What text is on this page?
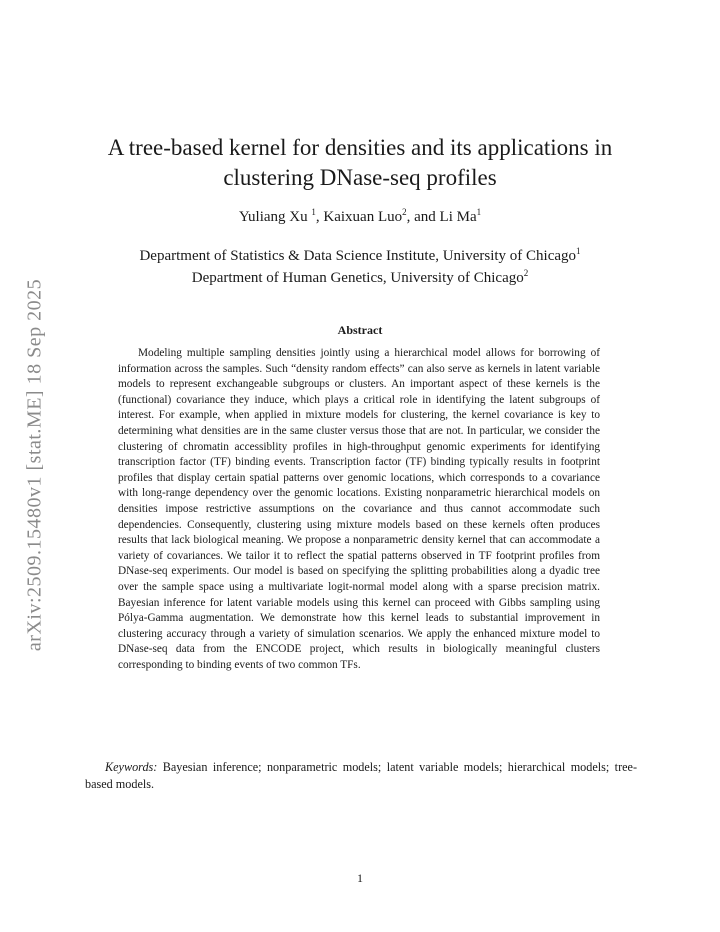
arXiv:2509.15480v1 [stat.ME] 18 Sep 2025
A tree-based kernel for densities and its applications in
clustering DNase-seq profiles
Yuliang Xu $^1$, Kaixuan Luo$^2$, and Li Ma$^1$
Department of Statistics & Data Science Institute, University of Chicago$^1$
Department of Human Genetics, University of Chicago$^2$
Abstract

Modeling multiple sampling densities jointly using a hierarchical model allows for borrowing of information across the samples. Such “density random effects” can also serve as kernels in latent variable models to represent exchangeable subgroups or clusters. An important aspect of these kernels is the (functional) covariance they induce, which plays a critical role in identifying the latent subgroups of interest. For example, when applied in mixture models for clustering, the kernel covariance is key to determining what densities are in the same cluster versus those that are not. In particular, we consider the clustering of chromatin accessiblity profiles in high-throughput genomic experiments for identifying transcription factor (TF) binding events. Transcription factor (TF) binding typically results in footprint profiles that display certain spatial patterns over genomic locations, which corresponds to a covariance with long-range dependency over the genomic locations. Existing nonparametric hierarchical models on densities impose restrictive assumptions on the covariance and thus cannot accommodate such dependencies. Consequently, clustering using mixture models based on these kernels often produces results that lack biological meaning. We propose a nonparametric density kernel that can accommodate a variety of covariances. We tailor it to reflect the spatial patterns observed in TF footprint profiles from DNase-seq experiments. Our model is based on specifying the splitting probabilities along a dyadic tree over the sample space using a multivariate logit-normal model along with a sparse precision matrix. Bayesian inference for latent variable models using this kernel can proceed with Gibbs sampling using Pólya-Gamma augmentation. We demonstrate how this kernel leads to substantial improvement in clustering accuracy through a variety of simulation scenarios. We apply the enhanced mixture model to DNase-seq data from the ENCODE project, which results in biologically meaningful clusters corresponding to binding events of two common TFs.

Keywords: Bayesian inference; nonparametric models; latent variable models; hierarchical models; tree-based models.

1
